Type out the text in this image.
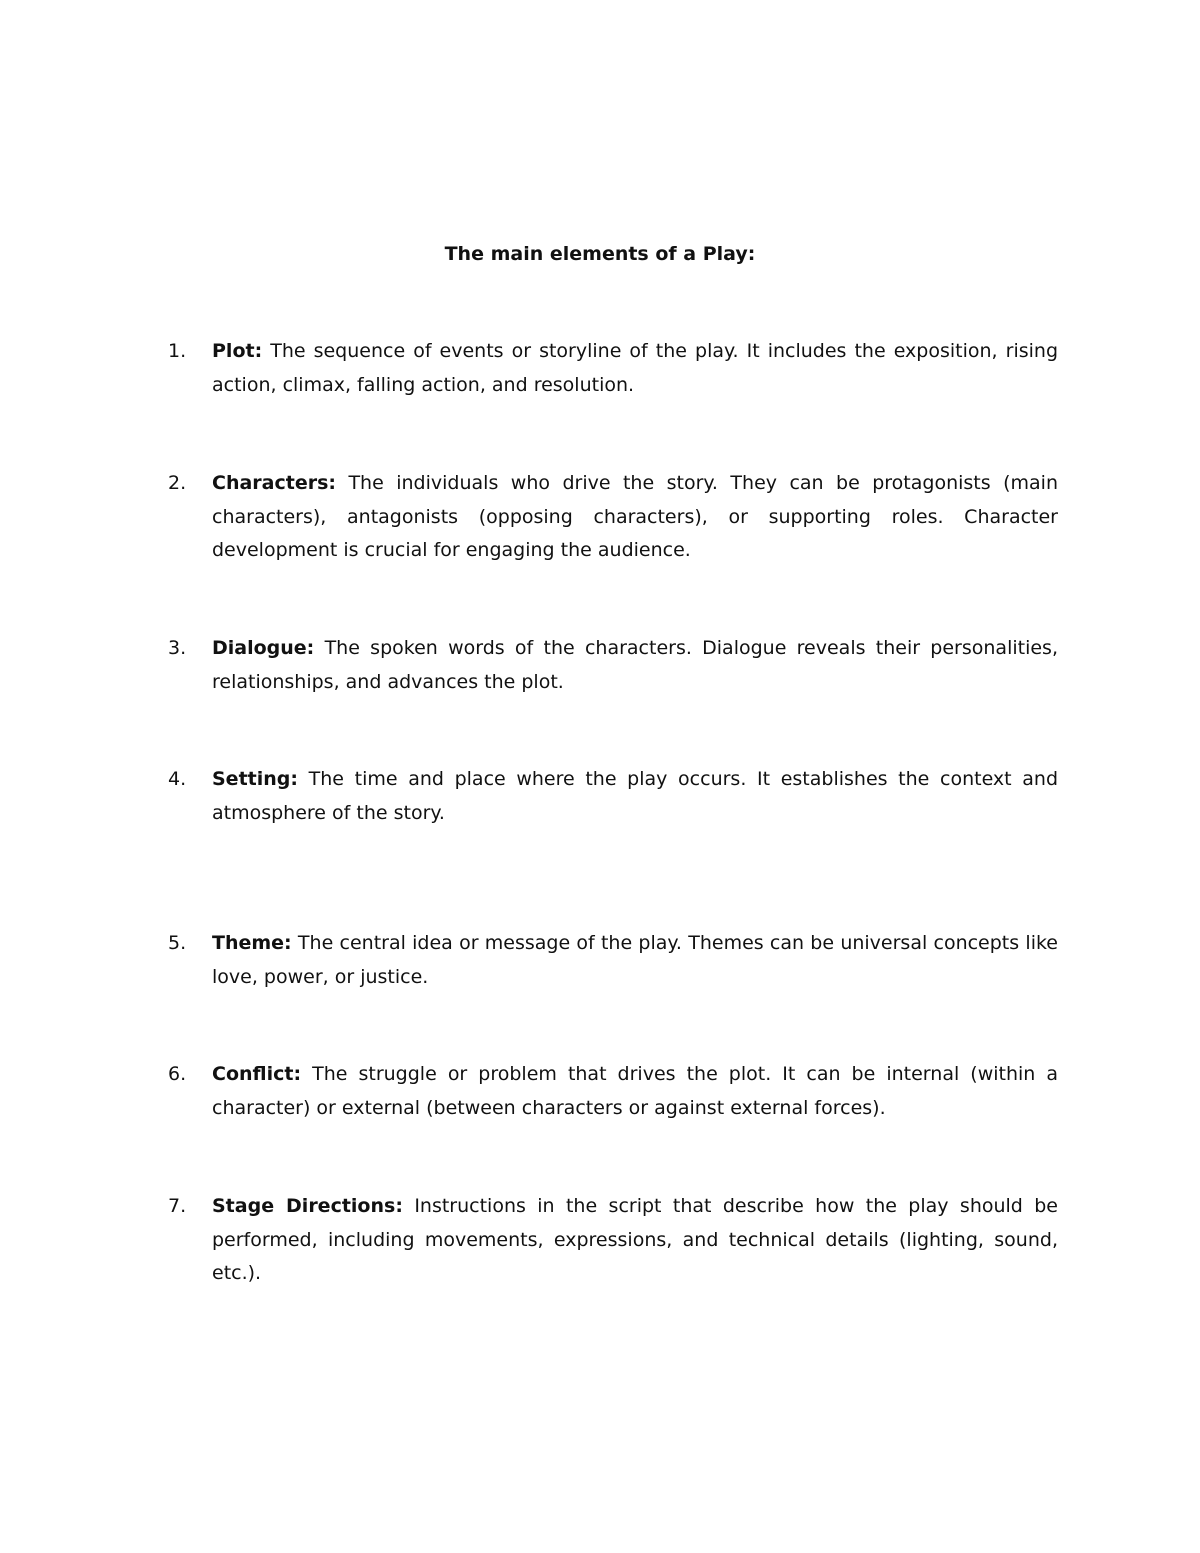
The main elements of a Play:
1.	Plot: The sequence of events or storyline of the play. It includes the exposition, rising action, climax, falling action, and resolution.
2.	Characters: The individuals who drive the story. They can be protagonists (main characters), antagonists (opposing characters), or supporting roles. Character development is crucial for engaging the audience.
3.	Dialogue: The spoken words of the characters. Dialogue reveals their personalities, relationships, and advances the plot.
4.	Setting: The time and place where the play occurs. It establishes the context and atmosphere of the story.
5.	Theme: The central idea or message of the play. Themes can be universal concepts like love, power, or justice.
6.	Conflict: The struggle or problem that drives the plot. It can be internal (within a character) or external (between characters or against external forces).
7.	Stage Directions: Instructions in the script that describe how the play should be performed, including movements, expressions, and technical details (lighting, sound, etc.).
